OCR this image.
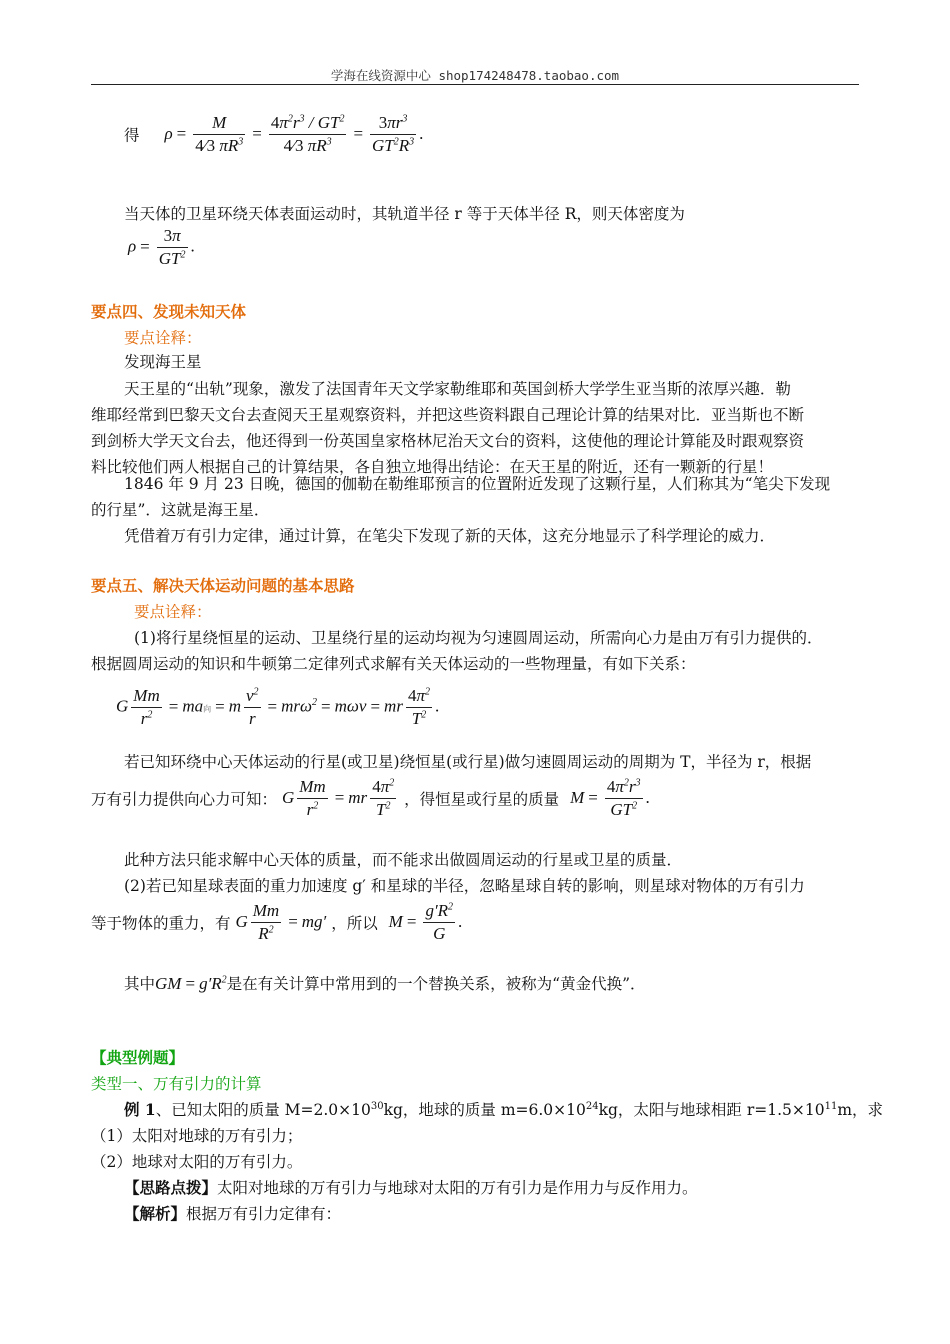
学海在线资源中心 shop174248478.taobao.com
得 $\rho = \frac{M}{4⁄3 \pi R^3} = \frac{4\pi^2r^3 / GT^2}{4⁄3 \pi R^3} = \frac{3\pi r^3}{GT^2R^3}$ .
当天体的卫星环绕天体表面运动时，其轨道半径 r 等于天体半径 R，则天体密度为
$\rho = \frac{3\pi}{GT^2}$ .
要点四、发现未知天体
要点诠释：
发现海王星
天王星的“出轨”现象，激发了法国青年天文学家勒维耶和英国剑桥大学学生亚当斯的浓厚兴趣．勒
维耶经常到巴黎天文台去查阅天王星观察资料，并把这些资料跟自己理论计算的结果对比．亚当斯也不断
到剑桥大学天文台去，他还得到一份英国皇家格林尼治天文台的资料，这使他的理论计算能及时跟观察资
料比较他们两人根据自己的计算结果，各自独立地得出结论：在天王星的附近，还有一颗新的行星！
1846 年 9 月 23 日晚，德国的伽勒在勒维耶预言的位置附近发现了这颗行星，人们称其为“笔尖下发现
的行星”．这就是海王星．
凭借着万有引力定律，通过计算，在笔尖下发现了新的天体，这充分地显示了科学理论的威力．
要点五、解决天体运动问题的基本思路
要点诠释：
(1)将行星绕恒星的运动、卫星绕行星的运动均视为匀速圆周运动，所需向心力是由万有引力提供的．
根据圆周运动的知识和牛顿第二定律列式求解有关天体运动的一些物理量，有如下关系：
G $\frac{Mm}{r^2}$ = ma向 = m $\frac{v^2}{r} = mr\omega^2 = m\omega v$ = mr $\frac{4\pi^2}{T^2}$ .
若已知环绕中心天体运动的行星(或卫星)绕恒星(或行星)做匀速圆周运动的周期为 T，半径为 r，根据
万有引力提供向心力可知： G $\frac{Mm}{r^2}$ = mr $\frac{4\pi^2}{T^2}$ ，得恒星或行星的质量 $M = \frac{4\pi^2r^3}{GT^2}$ .
此种方法只能求解中心天体的质量，而不能求出做圆周运动的行星或卫星的质量．
(2)若已知星球表面的重力加速度 g′ 和星球的半径，忽略星球自转的影响，则星球对物体的万有引力
等于物体的重力，有 G $\frac{Mm}{R^2} = mg'$ ，所以 $M = \frac{g'R^2}{G}$ .
其中GM = $g'R^2$是在有关计算中常用到的一个替换关系，被称为“黄金代换”．
【典型例题】
类型一、万有引力的计算
例 1、已知太阳的质量 $M=2.0\times 10^{30}kg$，地球的质量 $m=6.0\times 10^{24}kg$，太阳与地球相距 $r=1.5\times 10^{11}m$，求
（1）太阳对地球的万有引力；
（2）地球对太阳的万有引力。
【思路点拨】太阳对地球的万有引力与地球对太阳的万有引力是作用力与反作用力。
【解析】根据万有引力定律有：
